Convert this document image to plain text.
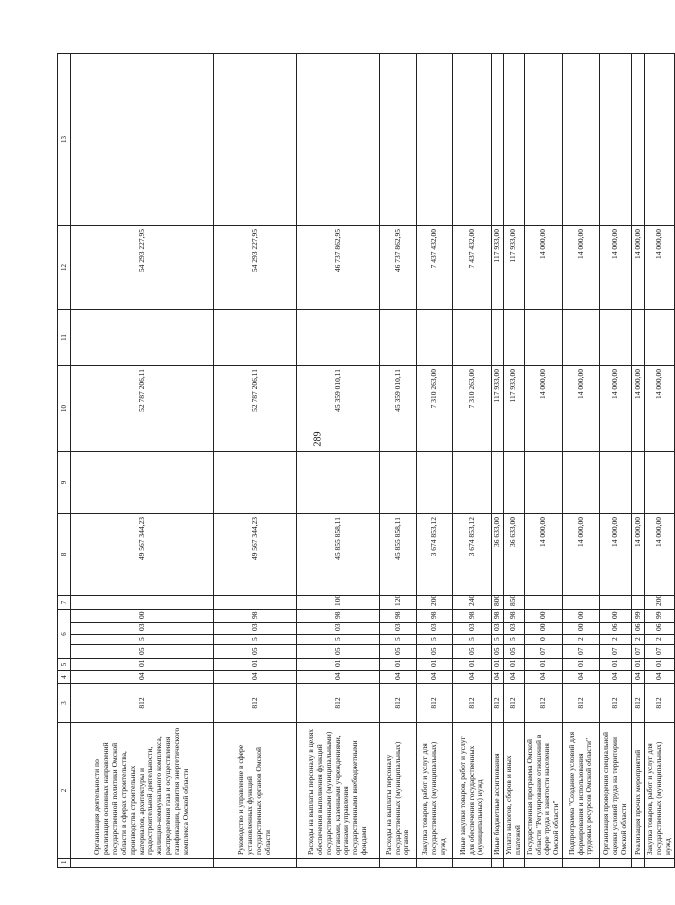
289
1	2	3	4	5	6				7	8	9	10	11	12	13
	Организация деятельности по реализации основных направлений государственной политики Омской области в сферах строительства, производства строительных материалов, архитектуры и градостроительной деятельности, жилищно-коммунального комплекса, распределения газа и осуществления газификации, развития энергетического комплекса Омской области	812	04	01	05	5	03	00		49 567 344,23		52 787 206,11		54 293 227,95	
	Руководство и управление в сфере установленных функций государственных органов Омской области	812	04	01	05	5	03	98		49 567 344,23		52 787 206,11		54 293 227,95	
	Расходы на выплаты персоналу в целях обеспечения выполнения функций государственными (муниципальными) органами, казенными учреждениями, органами управления государственными внебюджетными фондами	812	04	01	05	5	03	98	100	45 855 858,11		45 359 010,11		46 737 862,95	
	Расходы на выплаты персоналу государственных (муниципальных) органов	812	04	01	05	5	03	98	120	45 855 858,11		45 359 010,11		46 737 862,95	
	Закупка товаров, работ и услуг для государственных (муниципальных) нужд	812	04	01	05	5	03	98	200	3 674 853,12		7 310 263,00		7 437 432,00	
	Иные закупки товаров, работ и услуг для обеспечения государственных (муниципальных) нужд	812	04	01	05	5	03	98	240	3 674 853,12		7 310 263,00		7 437 432,00	
	Иные бюджетные ассигнования	812	04	01	05	5	03	98	800	36 633,00		117 933,00		117 933,00	
	Уплата налогов, сборов и иных платежей	812	04	01	05	5	03	98	850	36 633,00		117 933,00		117 933,00	
	Государственная программа Омской области "Регулирование отношений в сфере труда и занятости населения Омской области"	812	04	01	07	0	00	00		14 000,00		14 000,00		14 000,00	
	Подпрограмма "Создание условий для формирования и использования трудовых ресурсов Омской области"	812	04	01	07	2	00	00		14 000,00		14 000,00		14 000,00	
	Организация проведения специальной оценки условий труда на территории Омской области	812	04	01	07	2	06	00		14 000,00		14 000,00		14 000,00	
	Реализация прочих мероприятий	812	04	01	07	2	06	99		14 000,00		14 000,00		14 000,00	
	Закупка товаров, работ и услуг для государственных (муниципальных) нужд	812	04	01	07	2	06	99	200	14 000,00		14 000,00		14 000,00	
